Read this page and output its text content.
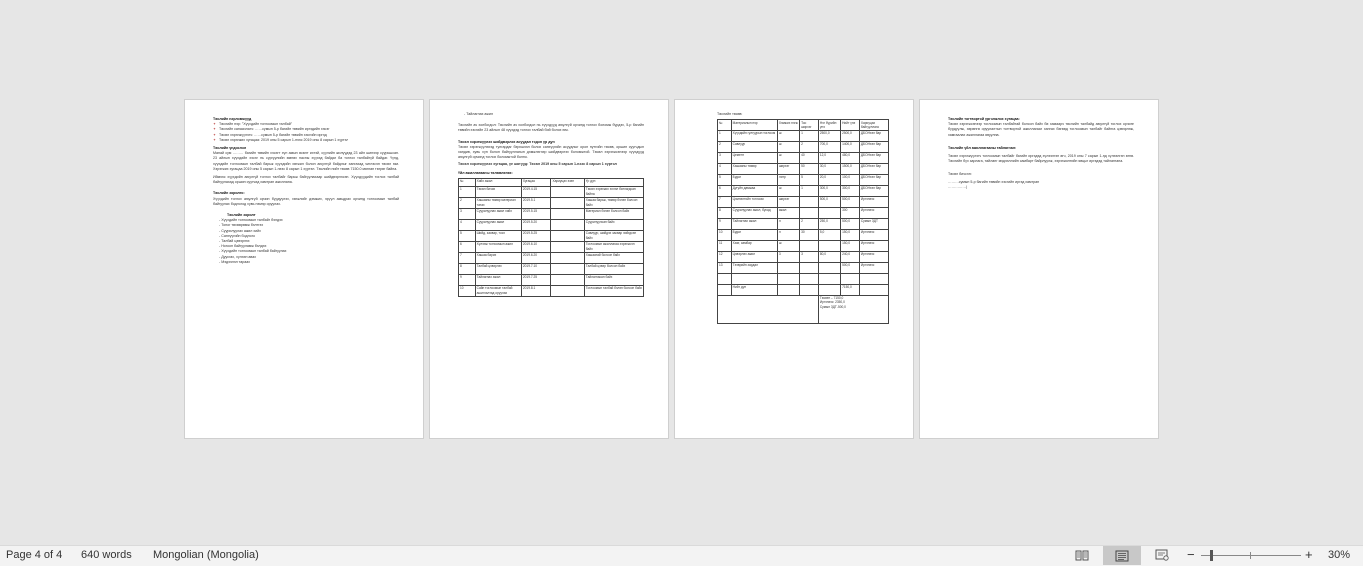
Төслийн нэрлэмжүүд
✦ Төслийн нэр: "Хүүхдийн тоглоомын талбай"
✦ Төслийн санаачлагч: ……сумын 5-р багийн төвийн иргэдийн хэсэг
✦ Төсөл хэрэгжүүлэгч: ……сумын 5-р багийн төвийн хэсгийн иргэд
✦ Төсөл хэрэгжих хугацаа: 2019 оны 5 сарын 1-нээс 2019 оны 8 сарын 1 хүртэл
Төслийн үндэслэл
Манай сум ……… багийн төвийн хэсэгт хүн амын өсөлт ихтэй, сүүлийн жилүүдэд 23 айл шинээр суурьшсан. 23 айлын хүүхдийн хэсэг нь сургуулийн өмнөх насны хүүхэд байдаг ба тоглох талбайгүй байдаг. Үүнд, хүүхдийн тоглоомын талбай барьж хүүхдийн хөгжил болон аюулгүй байдлыг хангахад чиглэсэн төсөл юм. Хэрэгжих хугацаа 2019 оны 5 сарын 1-нээс 8 сарын 1 хүртэл. Төслийн нийт төсөв 7150.0 мянган төгрөг байна.
Иймээс хүүхдийн аюулгүй тоглох талбайг барьж байгуулахаар шийдвэрлэсэн. Хүүхдүүдийн тоглох талбай байгуулахад оршин суугчид хамтран ажиллана.
Төслийн зорилго:
Хүүхдийн тоглох аюулгүй орчин бүрдүүлэх, хөгжлийг дэмжих, эрүүл амьдрах орчинд тоглоомын талбай байгуулах бодлогод хувь нэмэр оруулах.
Төслийн зорилт
- Хүүхдийн тоглоомын талбайг бэлдэх
- Тоног төхөөрөмж бэлтгэх
- Суурилуулах ажил хийх
- Санхүүгийн бодлого
- Талбай цэвэрлэх
- Ногоон байгууламж бэлдэх
- Хүүхдийн тоглоомын талбай байгуулах
- Дуусгах, хүлээн авах
- Мэдээлэл тараах
- Тайлагнах ажил
Төслийн ач холбогдол: Төслийн ач холбогдол нь хүүхдүүд аюулгүй орчинд тоглох боломж бүрдэх, 5-р багийн төвийн хэсгийн 23 айлын 48 хүүхдэд тоглох талбай бий болох юм.
Төсөл хэрэгжүүлэх шийдвэрлэх асуудал тэдэн үр дүн
Төсөл хэрэгжүүлэхэд тулгардаг бэрхшээл болох санхүүгийн асуудлыг орон нутгийн төсөв, оршин суугчдын хандив, хувь хүн болон байгууллагын дэмжлэгээр шийдвэрлэх боломжтой. Төсөл хэрэгжсэнээр хүүхдүүд аюулгүй орчинд тоглох боломжтой болно.
Төсөл хэрэгжүүлэх хугацаа, үе шатууд: Төсөл 2019 оны 5 сарын 1-нээс 8 сарын 1 хүртэл
Үйл ажиллагааны төлөвлөгөө:
№	Хийх ажил	Хугацаа	Хариуцах эзэн	Үр дүн
1	Төсөл бичих	2019.4.15		Төсөл хэрэгжих эхлэл батлагдсан байна
2	Хашааны төмөр материал татах	2019.5.1		Хашаа барьж, төмөр бэлэн болсон байх
3	Суурилуулах ажил хийх	2019.5.15		Материал бэлэн болсон байх
4	Суурилуулах ажил	2019.5.20		Суурилуулсан байх
5	Шийд, засвар, тосх	2019.5.25		Савлуур, шийдэх засвар хийгдсэн байх
6	Хүлээж тоглоомын ажил	2019.6.10		Тоглоомын ажиллагаа хэрэгжсэн байх
7	Хашаа барих	2019.6.20		Хашаатай болсон байх
8	Талбай цэвэрлэх	2019.7.10		Талбай цэвэр болсон байх
9	Тайлагнах ажил	2019.7.25		Тайлагнасан байх
10	Сайн тоглоомын талбай ашиглалтад оруулах	2019.8.1		Тоглоомын талбай бэлэн болсон байх
Төслийн төсөв:
№	Материалын нэр	Хэмжих нэгж	Тоо ширхэг	Нэг бүрийн үнэ	Нийт үнэ	Хариуцах байгууллага
1	Хүүхдийн гулгуурын тоглоом	ш	1	2500,0	2500,0	ДБОНхэл бар
2	Савлуур	ш	2	700,0	1400,0	ДБОНхэл бар
3	Цемент	ш	40	12,0	480,0	ДБОНхэл бар
4	Хашааны төмөр	ширхэг	50	30,0	1500,0	ДБОНхэл бар
5	Будаг	литр	5	20,0	100,0	ДБОНхэл бар
6	Дугуйн дамжаа	ш	1	300,0	300,0	ДБОНхэл бар
7	Цэмнэлтийн тоглоом	ширхэг		500,0	500,0	Иргэнээс
8	Суурилуулах ажил, бусад	ажил			300	Иргэнээс
9	Тайлагнах ажил	л	2	250,0	500,0	Сумын ЗДТ
10	Будаг	л	30	5,0	150,0	Иргэнээс
11	Хаяг, самбар	ш			150,0	Иргэнээс
12	Цэвэрлэх ажил	3	3	80,0	240,0	Иргэнээс
13	Тээврийн зардал				500,0	Иргэнээс

	Нийт дүн				7150,0	

				Төсөвт – 7150,0
Иргэнээс: 2350,0
Сумын ЗДТ-500,0		
Төслийн тогтвортой үргэлжлэх хугацаа:
Төсөл хэрэгжсэнээр тоглоомын талбайтай болсон байх бө хамаарч төслийн талбайд аюулгүй тоглох орчинг бүрдүүлж, хөрөнгө оруулалтын тогтвортой ажиллагааг хангах бөгөөд тоглоомын талбайг байнга цэвэрлэж, хамгаалах ажиллагаа явуулна.
Төслийн үйл ажиллагааны тайлагнал:
Төсөл хэрэгжүүлэгч тоглоомын талбайг багийн иргэдэд хүлээлгэн өгч, 2019 оны 7 сарын 1-нд хүлээлгэн өгнө. Төслийн бүх зарлага, тайланг мэдээллийн самбарт байрлуулж, хэрэгжилтийн явцыг иргэдэд тайлагнана.
Төсөл бичсэн:
………сумын 5-р багийн төвийн хэсгийн иргэд хамтран
……………|
Page 4 of 4 640 words Mongolian (Mongolia)	−	+ 30%
